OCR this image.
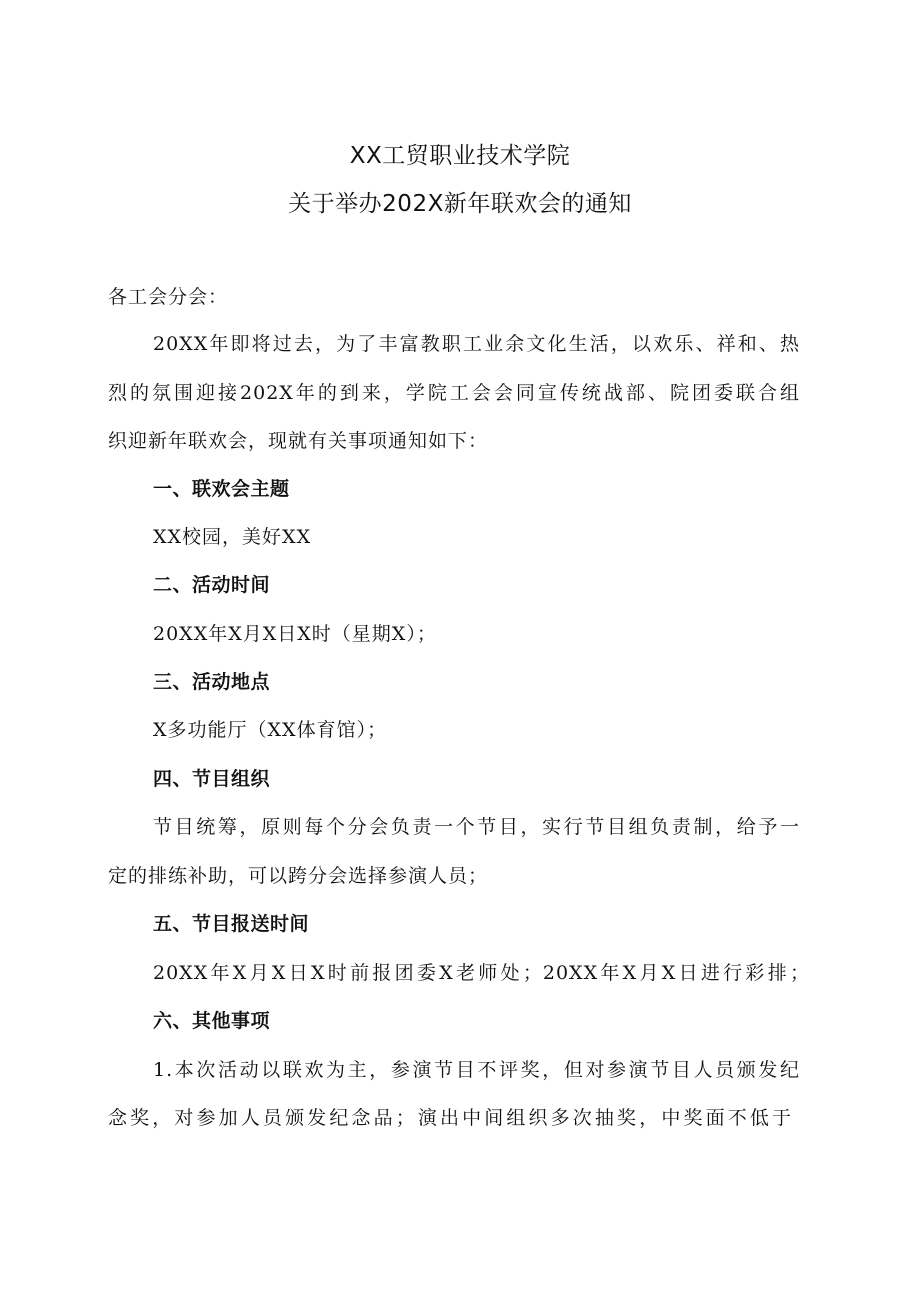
XX工贸职业技术学院
关于举办202X新年联欢会的通知
各工会分会：
20XX年即将过去，为了丰富教职工业余文化生活，以欢乐、祥和、热
烈的氛围迎接202X年的到来，学院工会会同宣传统战部、院团委联合组
织迎新年联欢会，现就有关事项通知如下：
一、联欢会主题
XX校园，美好XX
二、活动时间
20XX年X月X日X时（星期X）；
三、活动地点
X多功能厅（XX体育馆）；
四、节目组织
节目统筹，原则每个分会负责一个节目，实行节目组负责制，给予一
定的排练补助，可以跨分会选择参演人员；
五、节目报送时间
20XX年X月X日X时前报团委X老师处；20XX年X月X日进行彩排；
六、其他事项
1.本次活动以联欢为主，参演节目不评奖，但对参演节目人员颁发纪
念奖，对参加人员颁发纪念品；演出中间组织多次抽奖，中奖面不低于
